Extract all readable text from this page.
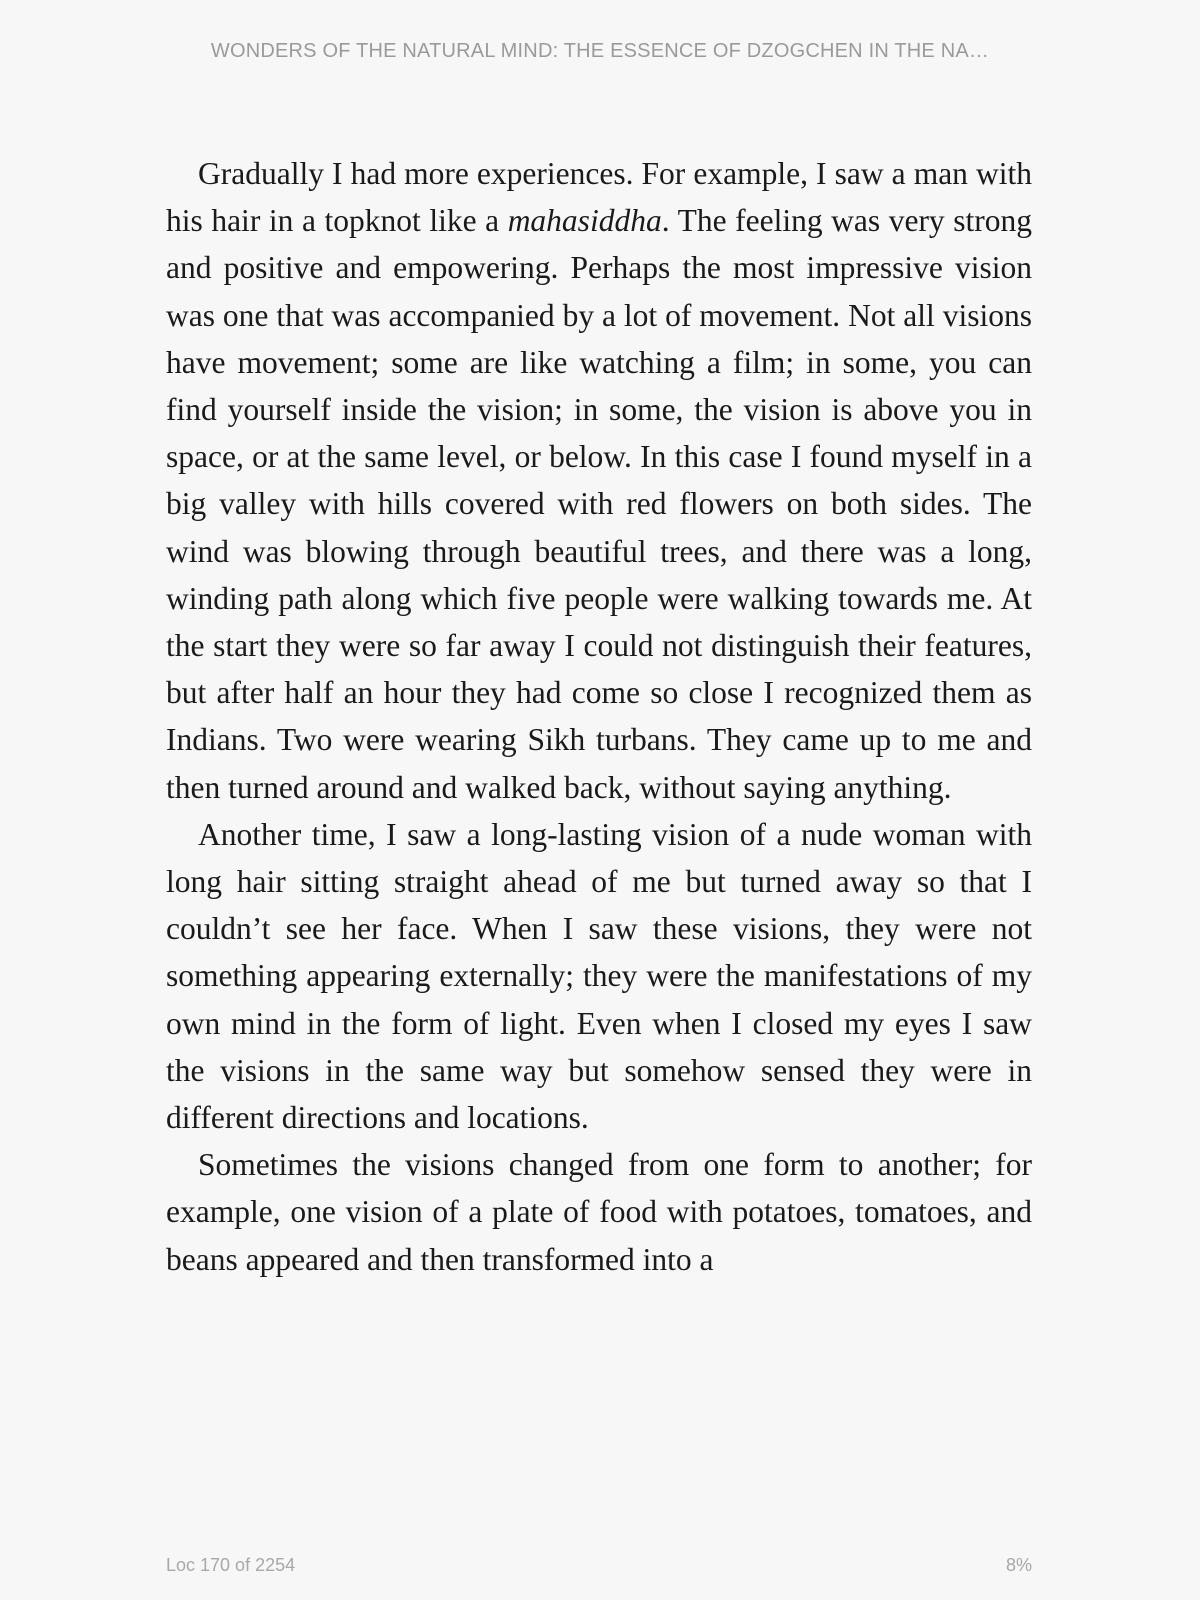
WONDERS OF THE NATURAL MIND: THE ESSENCE OF DZOGCHEN IN THE NA…

Gradually I had more experiences. For example, I saw a man with his hair in a topknot like a mahasiddha. The feeling was very strong and positive and empowering. Perhaps the most impressive vision was one that was accompanied by a lot of movement. Not all visions have movement; some are like watching a film; in some, you can find yourself inside the vision; in some, the vision is above you in space, or at the same level, or below. In this case I found myself in a big valley with hills covered with red flowers on both sides. The wind was blowing through beautiful trees, and there was a long, winding path along which five people were walking towards me. At the start they were so far away I could not distinguish their features, but after half an hour they had come so close I recognized them as Indians. Two were wearing Sikh turbans. They came up to me and then turned around and walked back, without saying anything.

Another time, I saw a long-lasting vision of a nude woman with long hair sitting straight ahead of me but turned away so that I couldn’t see her face. When I saw these visions, they were not something appearing externally; they were the manifestations of my own mind in the form of light. Even when I closed my eyes I saw the visions in the same way but somehow sensed they were in different directions and locations.

Sometimes the visions changed from one form to another; for example, one vision of a plate of food with potatoes, tomatoes, and beans appeared and then transformed into a

Loc 170 of 2254	8%
